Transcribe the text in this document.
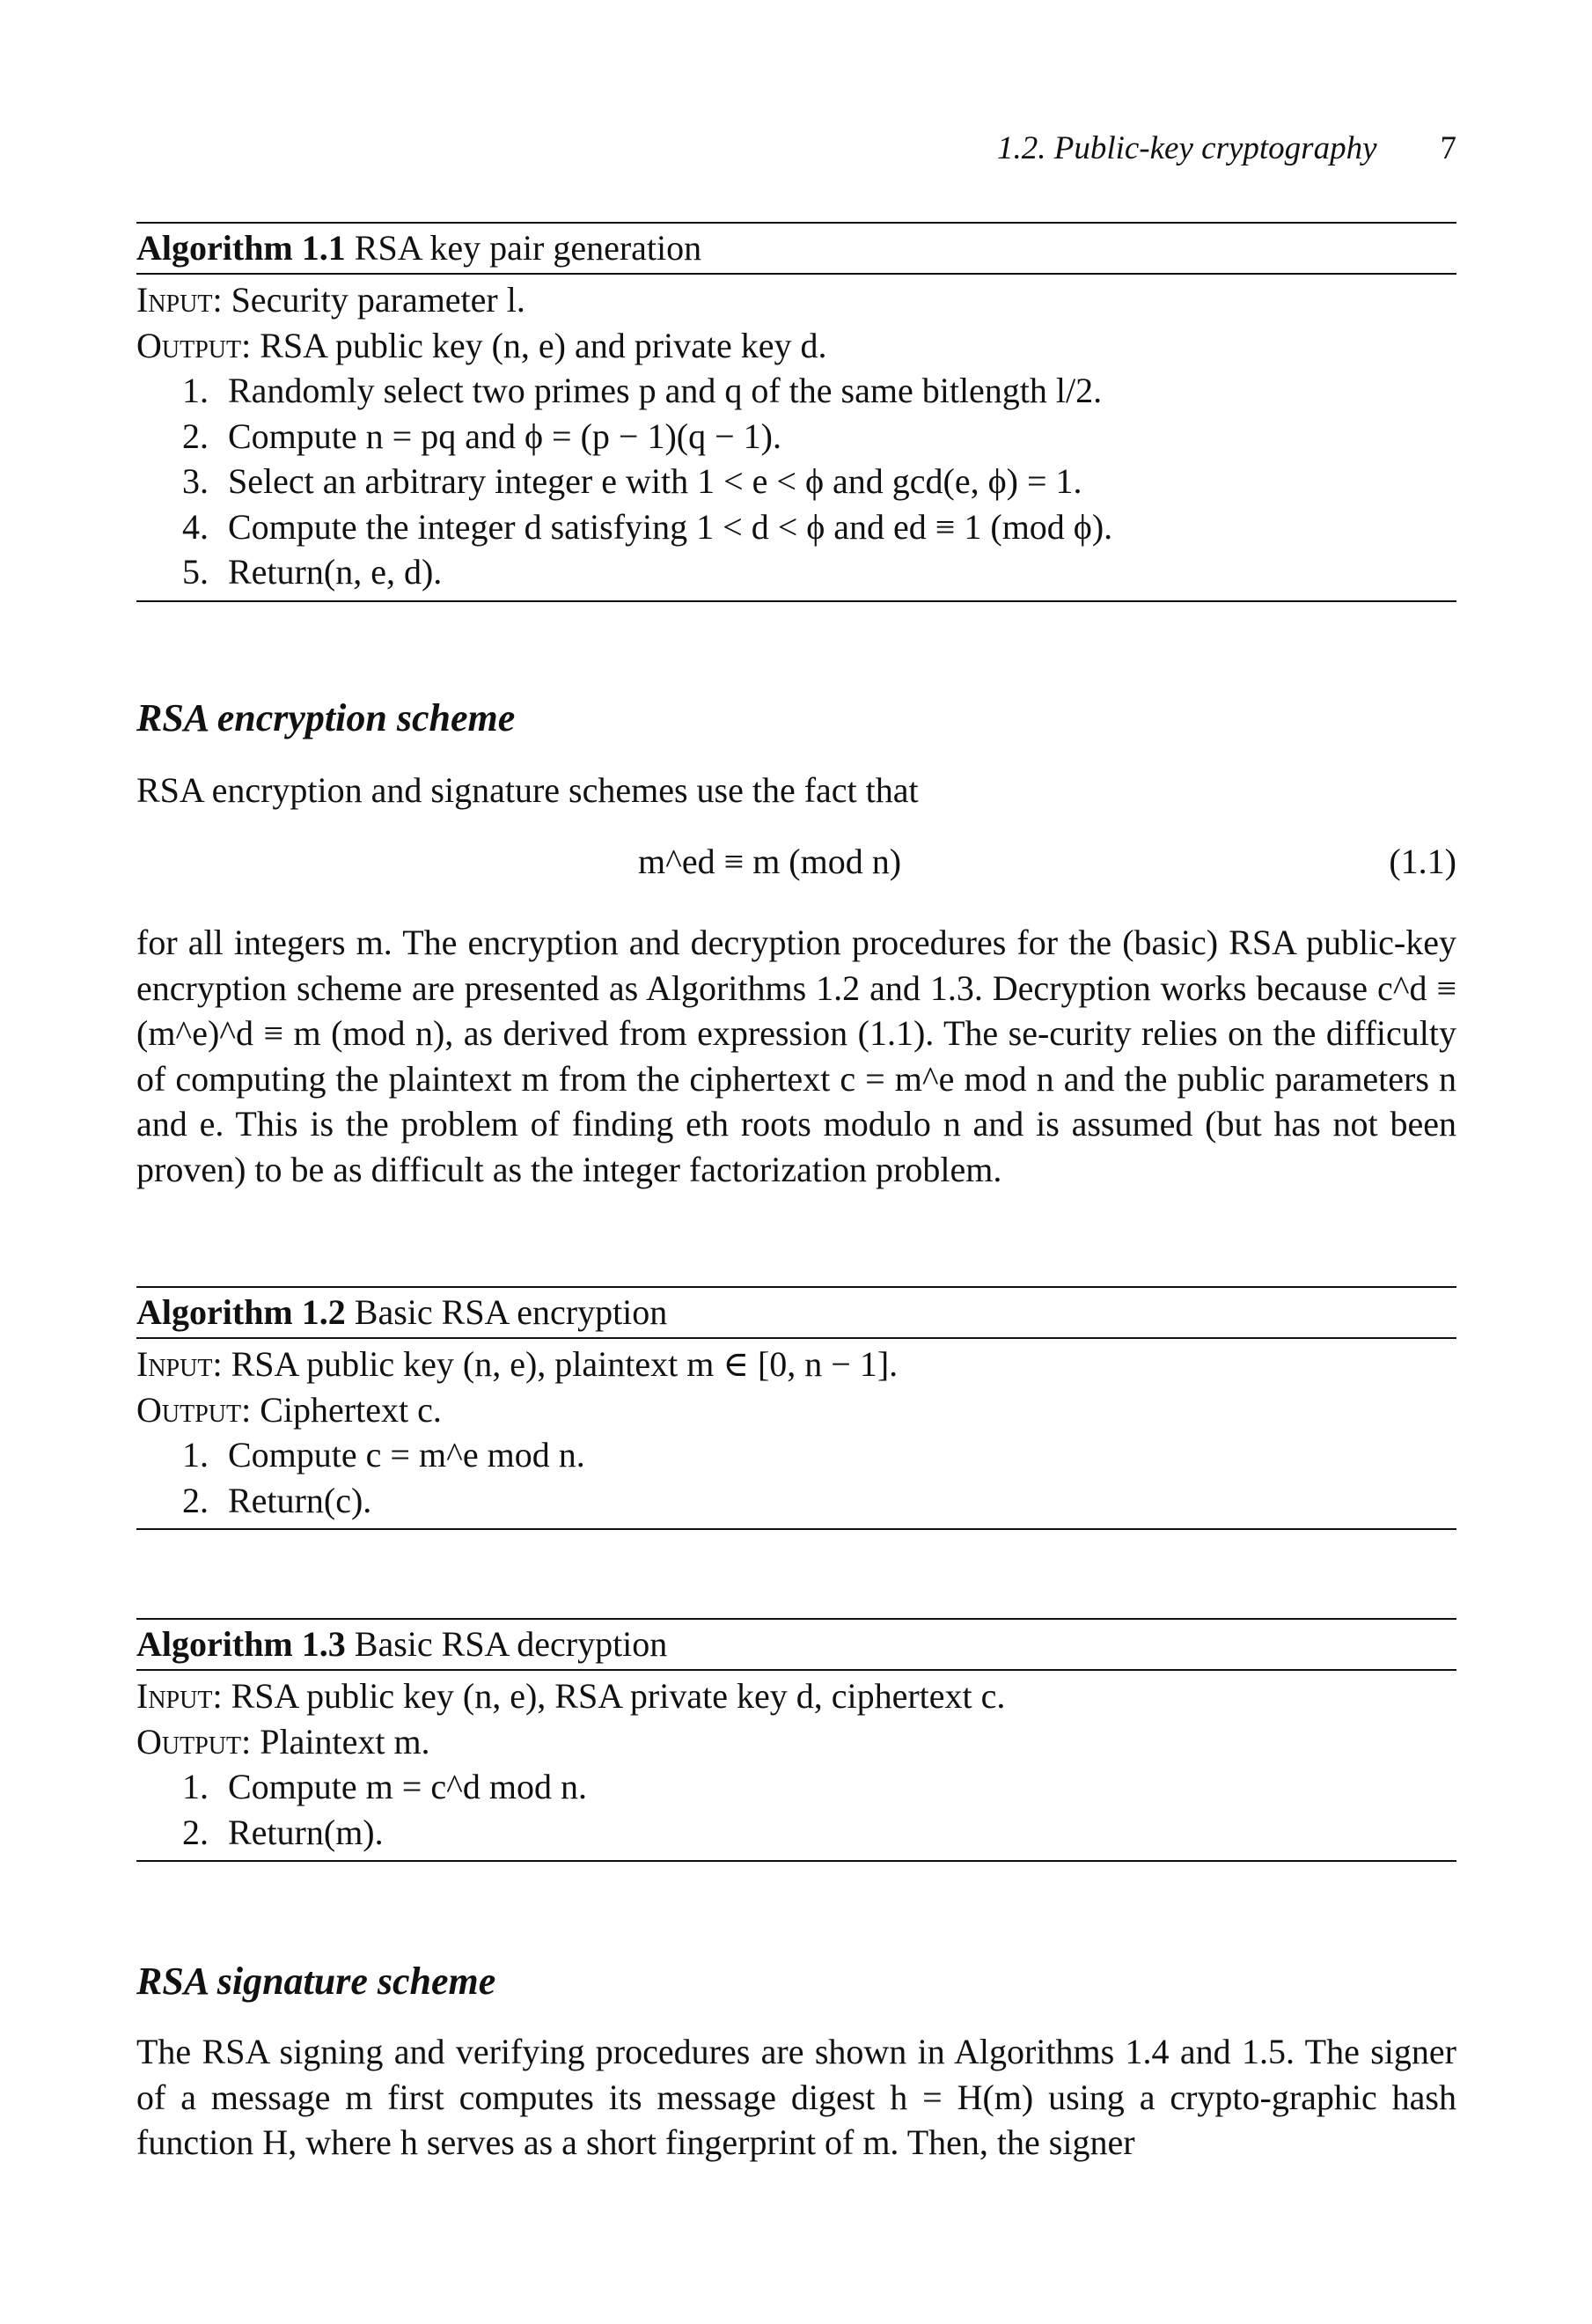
1.2. Public-key cryptography 7
Algorithm 1.1 RSA key pair generation
Input: Security parameter l.
Output: RSA public key (n, e) and private key d.
1. Randomly select two primes p and q of the same bitlength l/2.
2. Compute n = pq and ϕ = (p − 1)(q − 1).
3. Select an arbitrary integer e with 1 < e < ϕ and gcd(e, ϕ) = 1.
4. Compute the integer d satisfying 1 < d < ϕ and ed ≡ 1 (mod ϕ).
5. Return(n, e, d).
RSA encryption scheme
RSA encryption and signature schemes use the fact that
m^ed ≡ m (mod n)	(1.1)
for all integers m. The encryption and decryption procedures for the (basic) RSA public-key encryption scheme are presented as Algorithms 1.2 and 1.3. Decryption works because c^d ≡ (m^e)^d ≡ m (mod n), as derived from expression (1.1). The se-curity relies on the difficulty of computing the plaintext m from the ciphertext c = m^e mod n and the public parameters n and e. This is the problem of finding eth roots modulo n and is assumed (but has not been proven) to be as difficult as the integer factorization problem.
Algorithm 1.2 Basic RSA encryption
Input: RSA public key (n, e), plaintext m ∈ [0, n − 1].
Output: Ciphertext c.
1. Compute c = m^e mod n.
2. Return(c).
Algorithm 1.3 Basic RSA decryption
Input: RSA public key (n, e), RSA private key d, ciphertext c.
Output: Plaintext m.
1. Compute m = c^d mod n.
2. Return(m).
RSA signature scheme
The RSA signing and verifying procedures are shown in Algorithms 1.4 and 1.5. The signer of a message m first computes its message digest h = H(m) using a crypto-graphic hash function H, where h serves as a short fingerprint of m. Then, the signer
